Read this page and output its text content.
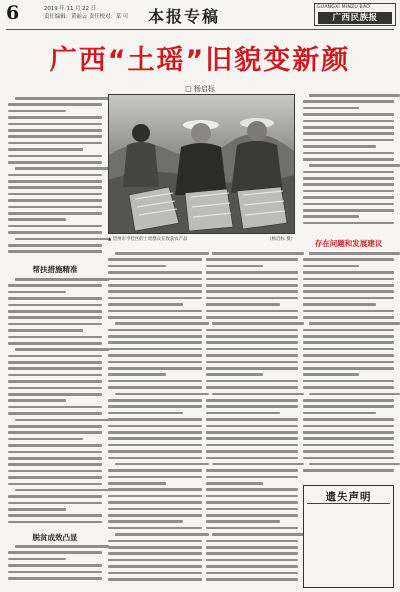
6	2019 年 11 月 22 日
责任编辑：黄丽云 责任校对：某 可 本报专稿	GUANGXI MINZU BAO
广西民族报
广西“土瑶”旧貌变新颜
□ 杨启标
帮扶措施精准
脱贫成效凸显
存在问题和发展建议
▲ 贺州市平桂区的土瑶群众在收获农产品	（杨启标 摄）
遗失声明
